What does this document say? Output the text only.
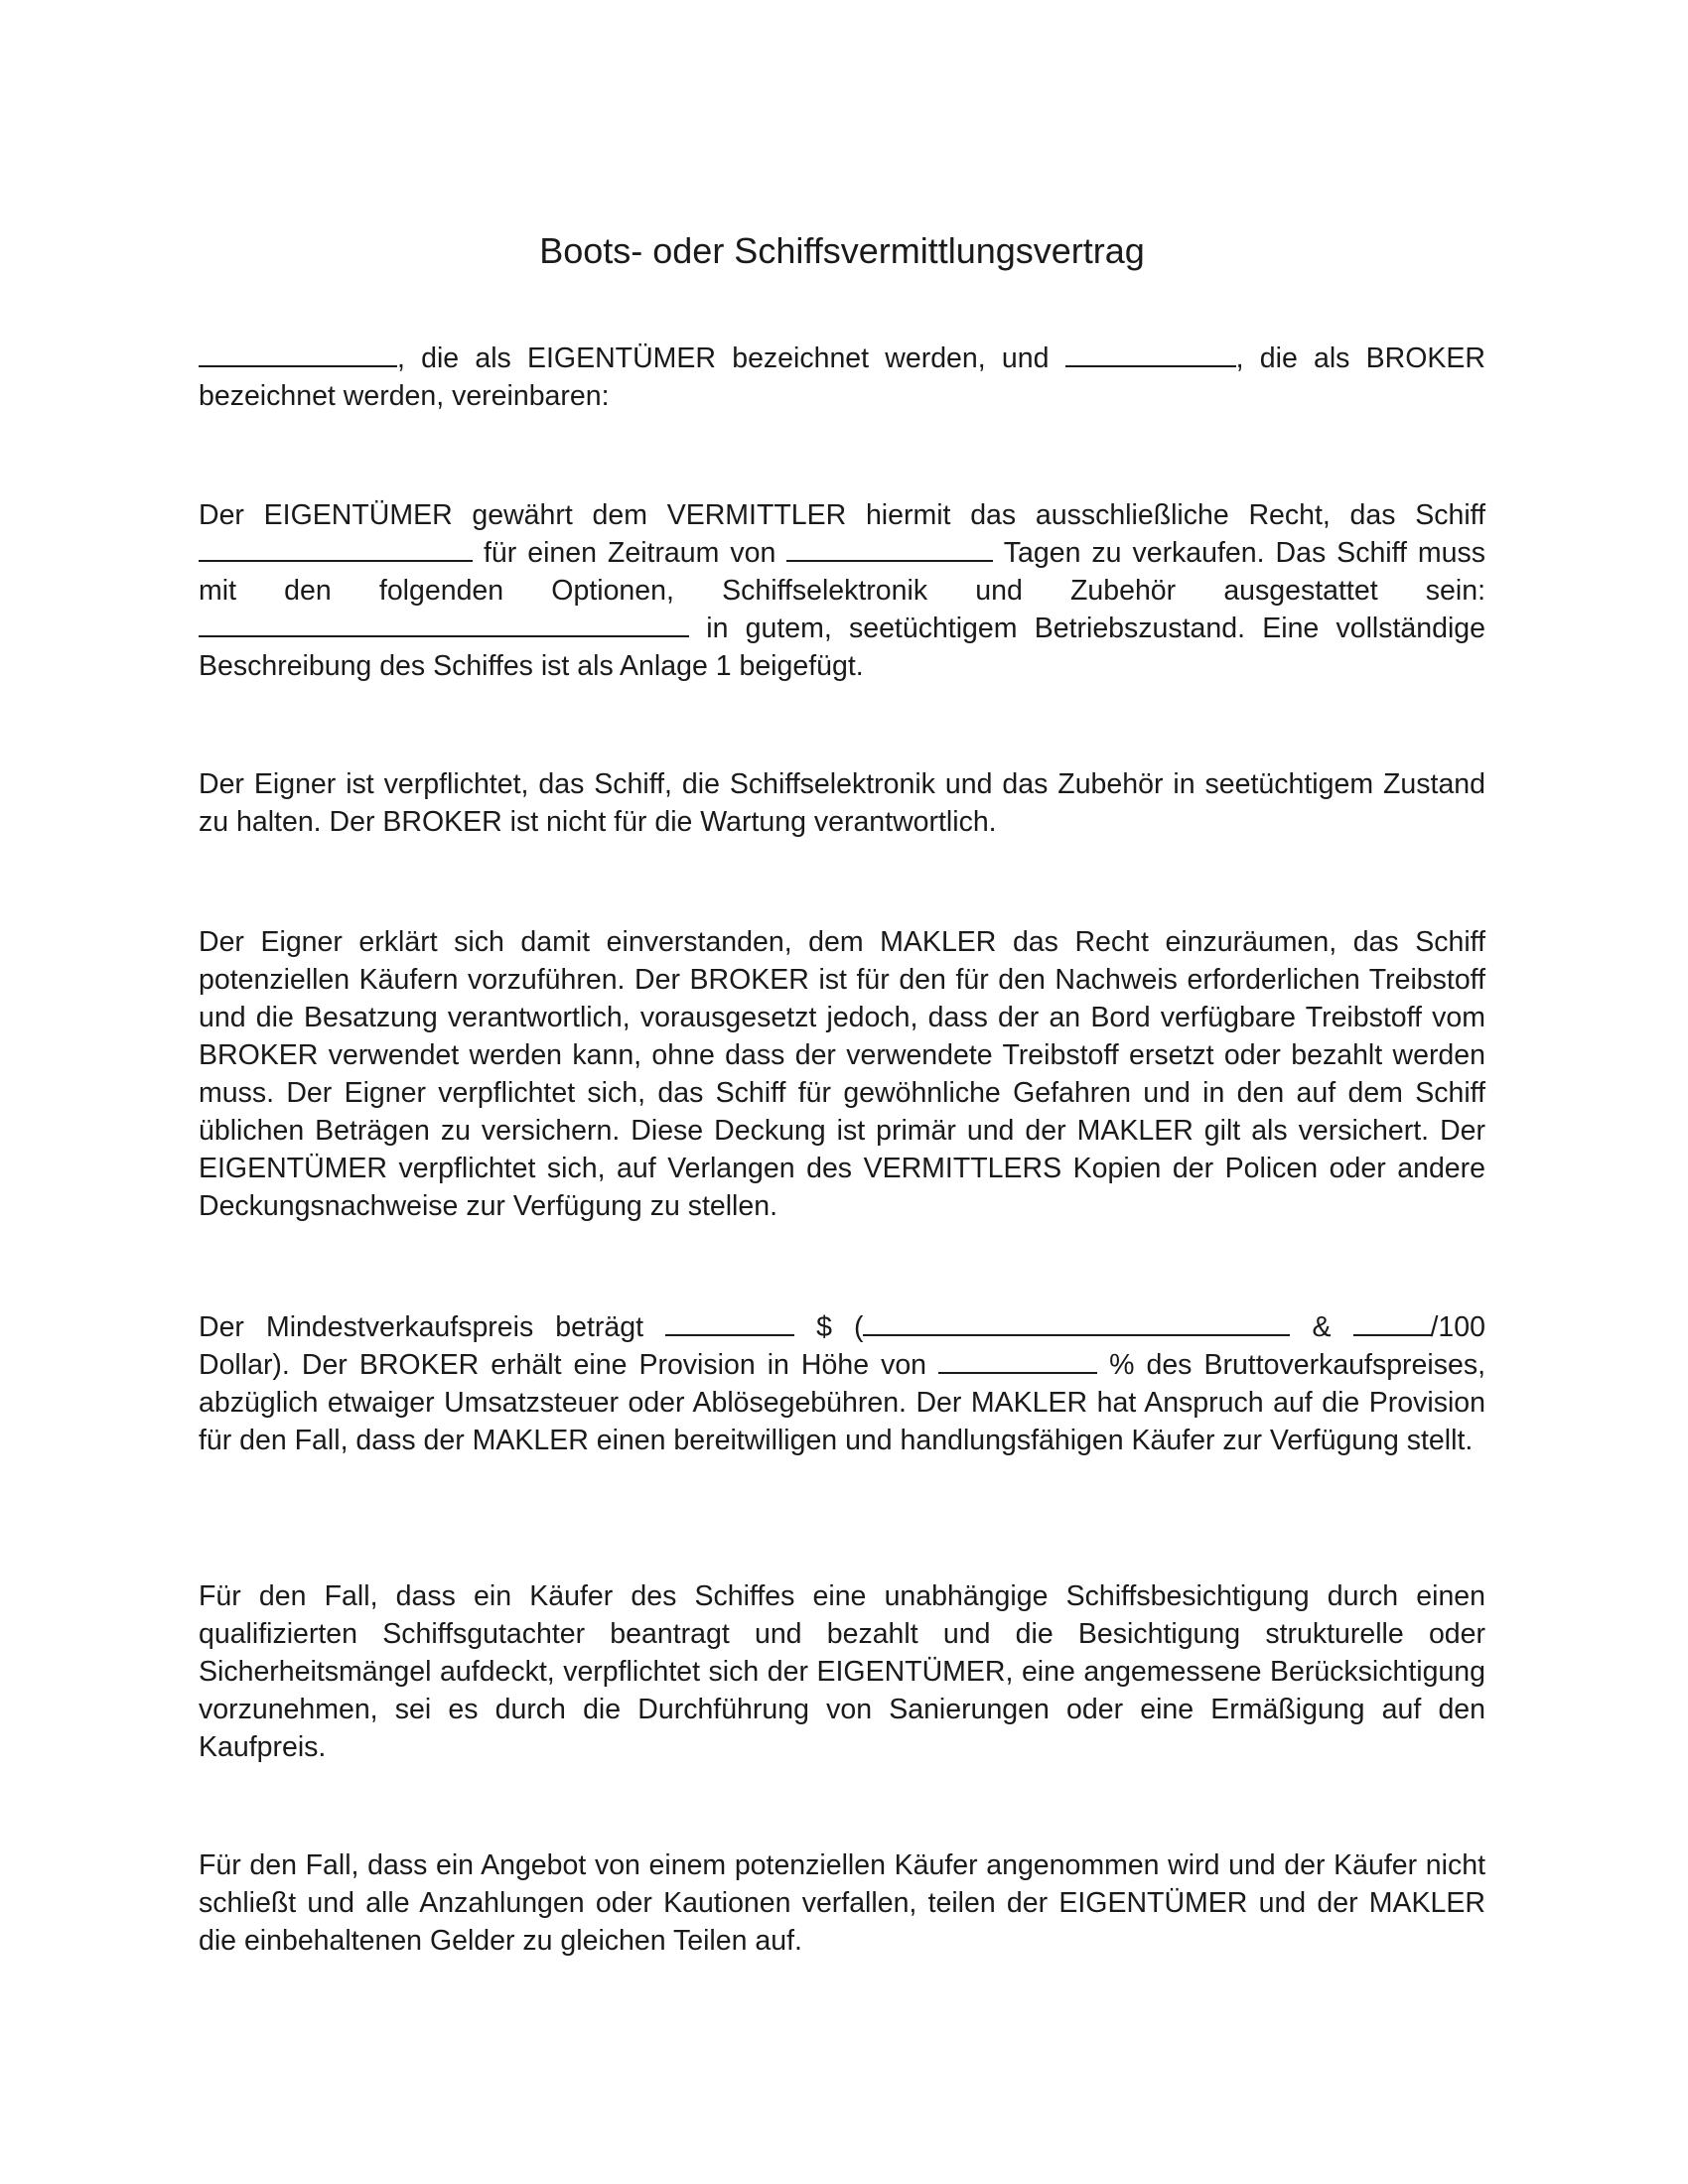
Boots- oder Schiffsvermittlungsvertrag

, die als EIGENTÜMER bezeichnet werden, und	, die als BROKER bezeichnet werden, vereinbaren:

Der EIGENTÜMER gewährt dem VERMITTLER hiermit das ausschließliche Recht, das Schiff  für einen Zeitraum von	Tagen zu verkaufen. Das Schiff muss mit den folgenden Optionen, Schiffselektronik und Zubehör ausgestattet sein:  in gutem, seetüchtigem Betriebszustand. Eine vollständige Beschreibung des Schiffes ist als Anlage 1 beigefügt.

Der Eigner ist verpflichtet, das Schiff, die Schiffselektronik und das Zubehör in seetüchtigem Zustand zu halten. Der BROKER ist nicht für die Wartung verantwortlich.

Der Eigner erklärt sich damit einverstanden, dem MAKLER das Recht einzuräumen, das Schiff potenziellen Käufern vorzuführen. Der BROKER ist für den für den Nachweis erforderlichen Treibstoff und die Besatzung verantwortlich, vorausgesetzt jedoch, dass der an Bord verfügbare Treibstoff vom BROKER verwendet werden kann, ohne dass der verwendete Treibstoff ersetzt oder bezahlt werden muss. Der Eigner verpflichtet sich, das Schiff für gewöhnliche Gefahren und in den auf dem Schiff üblichen Beträgen zu versichern. Diese Deckung ist primär und der MAKLER gilt als versichert. Der EIGENTÜMER verpflichtet sich, auf Verlangen des VERMITTLERS Kopien der Policen oder andere Deckungsnachweise zur Verfügung zu stellen.

Der Mindestverkaufspreis beträgt	$ (	&	/100 Dollar). Der BROKER erhält eine Provision in Höhe von	% des Bruttoverkaufspreises, abzüglich etwaiger Umsatzsteuer oder Ablösegebühren. Der MAKLER hat Anspruch auf die Provision für den Fall, dass der MAKLER einen bereitwilligen und handlungsfähigen Käufer zur Verfügung stellt.

Für den Fall, dass ein Käufer des Schiffes eine unabhängige Schiffsbesichtigung durch einen qualifizierten Schiffsgutachter beantragt und bezahlt und die Besichtigung strukturelle oder Sicherheitsmängel aufdeckt, verpflichtet sich der EIGENTÜMER, eine angemessene Berücksichtigung vorzunehmen, sei es durch die Durchführung von Sanierungen oder eine Ermäßigung auf den Kaufpreis.

Für den Fall, dass ein Angebot von einem potenziellen Käufer angenommen wird und der Käufer nicht schließt und alle Anzahlungen oder Kautionen verfallen, teilen der EIGENTÜMER und der MAKLER die einbehaltenen Gelder zu gleichen Teilen auf.
